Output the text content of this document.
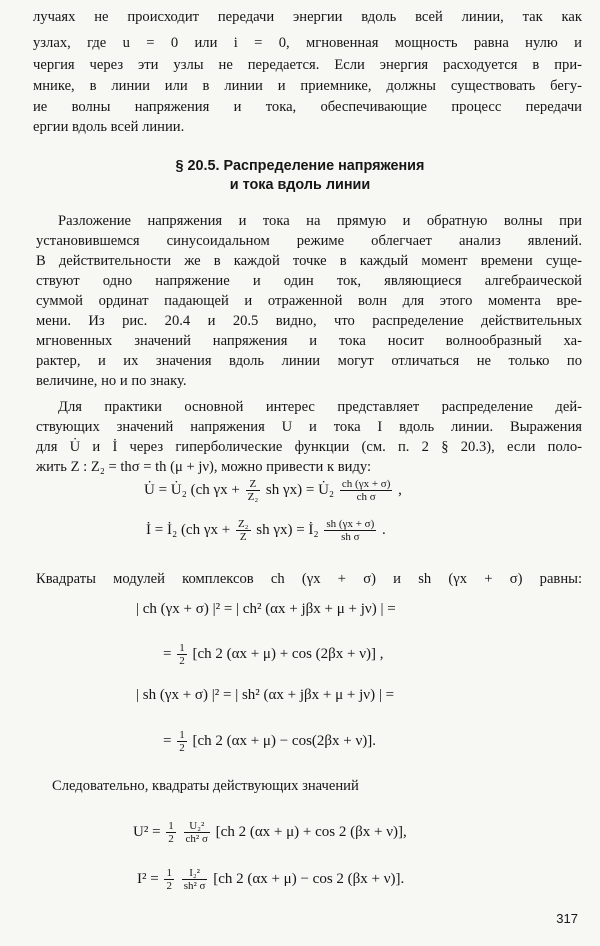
лучаях не происходит передачи энергии вдоль всей линии, так как
узлах, где u = 0 или i = 0, мгновенная мощность равна нулю и
чергия через эти узлы не передается. Если энергия расходуется в при-
мнике, в линии или в линии и приемнике, должны существовать бегу-
ие волны напряжения и тока, обеспечивающие процесс передачи
ергии вдоль всей линии.
§ 20.5. Распределение напряжения
и тока вдоль линии
Разложение напряжения и тока на прямую и обратную волны при
установившемся синусоидальном режиме облегчает анализ явлений.
В действительности же в каждой точке в каждый момент времени суще-
ствуют одно напряжение и один ток, являющиеся алгебраической
суммой ординат падающей и отраженной волн для этого момента вре-
мени. Из рис. 20.4 и 20.5 видно, что распределение действительных
мгновенных значений напряжения и тока носит волнообразный ха-
рактер, и их значения вдоль линии могут отличаться не только по
величине, но и по знаку.
Для практики основной интерес представляет распределение дей-
ствующих значений напряжения U и тока I вдоль линии. Выражения
для U̇ и İ через гиперболические функции (см. п. 2 § 20.3), если поло-
жить Z : Z₂ = thσ = th (μ + jν), можно привести к виду:
U̇ = U̇₂ (ch $\gamma x + \frac{Z}{\text{Z₂}}$ sh γx) = U̇₂ $\frac{ch (\gamma x + \sigma)}{\text{ch σ}}$ ,
İ = İ₂ (ch $\gamma x + \frac{\text{Z₂}}{Z}$ sh γx) = İ₂ $\frac{sh (\gamma x + \sigma)}{\text{sh σ}}$ .
Квадраты модулей комплексов ch (γx + σ) и sh (γx + σ) равны:
| ch (γx + σ) |² = | ch² (αx + jβx + μ + jν) | =
= $\frac{1}{2} [ch$ 2 (αx + μ) + cos (2βx + ν)] ,
| sh (γx + σ) |² = | sh² (αx + jβx + μ + jν) | =
= $\frac{1}{2} [ch$ 2 (αx + μ) − cos(2βx + ν)].
Следовательно, квадраты действующих значений
$U^2 = \frac{1}{2}$
$\frac{\text{U₂²}}{\text{ch² σ}} [ch$ 2 (αx + μ) + cos 2 (βx + ν)],
$I^2 = \frac{1}{2}$
$\frac{\text{I₂²}}{\text{sh² σ}} [ch$ 2 (αx + μ) − cos 2 (βx + ν)].
317
